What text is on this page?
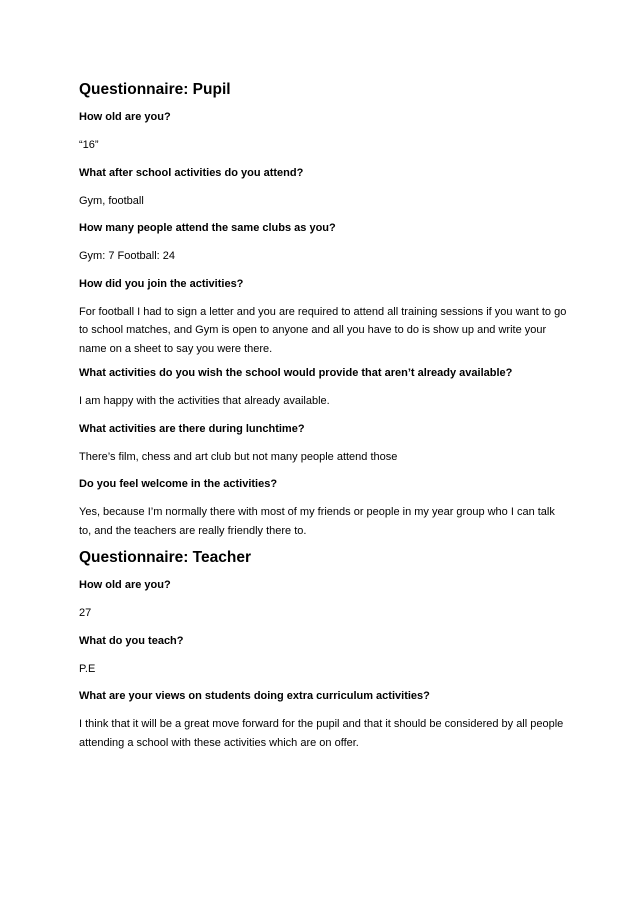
Questionnaire: Pupil
How old are you?
“16”
What after school activities do you attend?
Gym, football
How many people attend the same clubs as you?
Gym: 7 Football: 24
How did you join the activities?
For football I had to sign a letter and you are required to attend all training sessions if you want to go to school matches, and Gym is open to anyone and all you have to do is show up and write your name on a sheet to say you were there.
What activities do you wish the school would provide that aren’t already available?
I am happy with the activities that already available.
What activities are there during lunchtime?
There’s film, chess and art club but not many people attend those
Do you feel welcome in the activities?
Yes, because I’m normally there with most of my friends or people in my year group who I can talk to, and the teachers are really friendly there to.
Questionnaire: Teacher
How old are you?
27
What do you teach?
P.E
What are your views on students doing extra curriculum activities?
I think that it will be a great move forward for the pupil and that it should be considered by all people attending a school with these activities which are on offer.
